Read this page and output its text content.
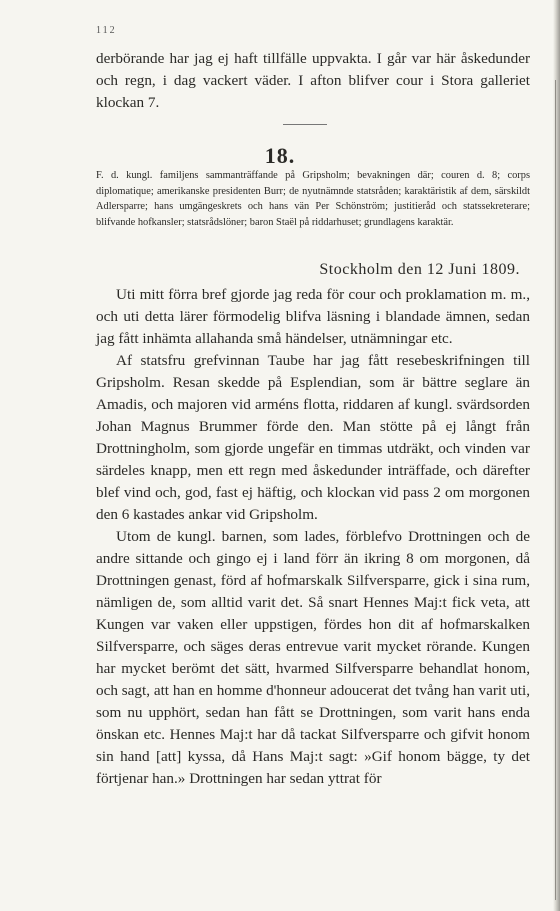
112

derbörande har jag ej haft tillfälle uppvakta. I går var här åskedunder och regn, i dag vackert väder. I afton blifver cour i Stora galleriet klockan 7.

18.

F. d. kungl. familjens sammanträffande på Gripsholm; bevakningen där; couren d. 8; corps diplomatique; amerikanske presidenten Burr; de nyutnämnde statsråden; karaktäristik af dem, särskildt Adlersparre; hans umgängeskrets och hans vän Per Schönström; justitieråd och statssekreterare; blifvande hofkansler; statsrådslöner; baron Staël på riddarhuset; grundlagens karaktär.

Stockholm den 12 Juni 1809.

Uti mitt förra bref gjorde jag reda för cour och proklamation m. m., och uti detta lärer förmodelig blifva läsning i blandade ämnen, sedan jag fått inhämta allahanda små händelser, utnämningar etc.

Af statsfru grefvinnan Taube har jag fått resebeskrifningen till Gripsholm. Resan skedde på Esplendian, som är bättre seglare än Amadis, och majoren vid arméns flotta, riddaren af kungl. svärdsorden Johan Magnus Brummer förde den. Man stötte på ej långt från Drottningholm, som gjorde ungefär en timmas utdräkt, och vinden var särdeles knapp, men ett regn med åskedunder inträffade, och därefter blef vind och, god, fast ej häftig, och klockan vid pass 2 om morgonen den 6 kastades ankar vid Gripsholm.

Utom de kungl. barnen, som lades, förblefvo Drottningen och de andre sittande och gingo ej i land förr än ikring 8 om morgonen, då Drottningen genast, förd af hofmarskalk Silfversparre, gick i sina rum, nämligen de, som alltid varit det. Så snart Hennes Maj:t fick veta, att Kungen var vaken eller uppstigen, fördes hon dit af hofmarskalken Silfversparre, och säges deras entrevue varit mycket rörande. Kungen har mycket berömt det sätt, hvarmed Silfversparre behandlat honom, och sagt, att han en homme d'honneur adoucerat det tvång han varit uti, som nu upphört, sedan han fått se Drottningen, som varit hans enda önskan etc. Hennes Maj:t har då tackat Silfversparre och gifvit honom sin hand [att] kyssa, då Hans Maj:t sagt: »Gif honom bägge, ty det förtjenar han.» Drottningen har sedan yttrat för
